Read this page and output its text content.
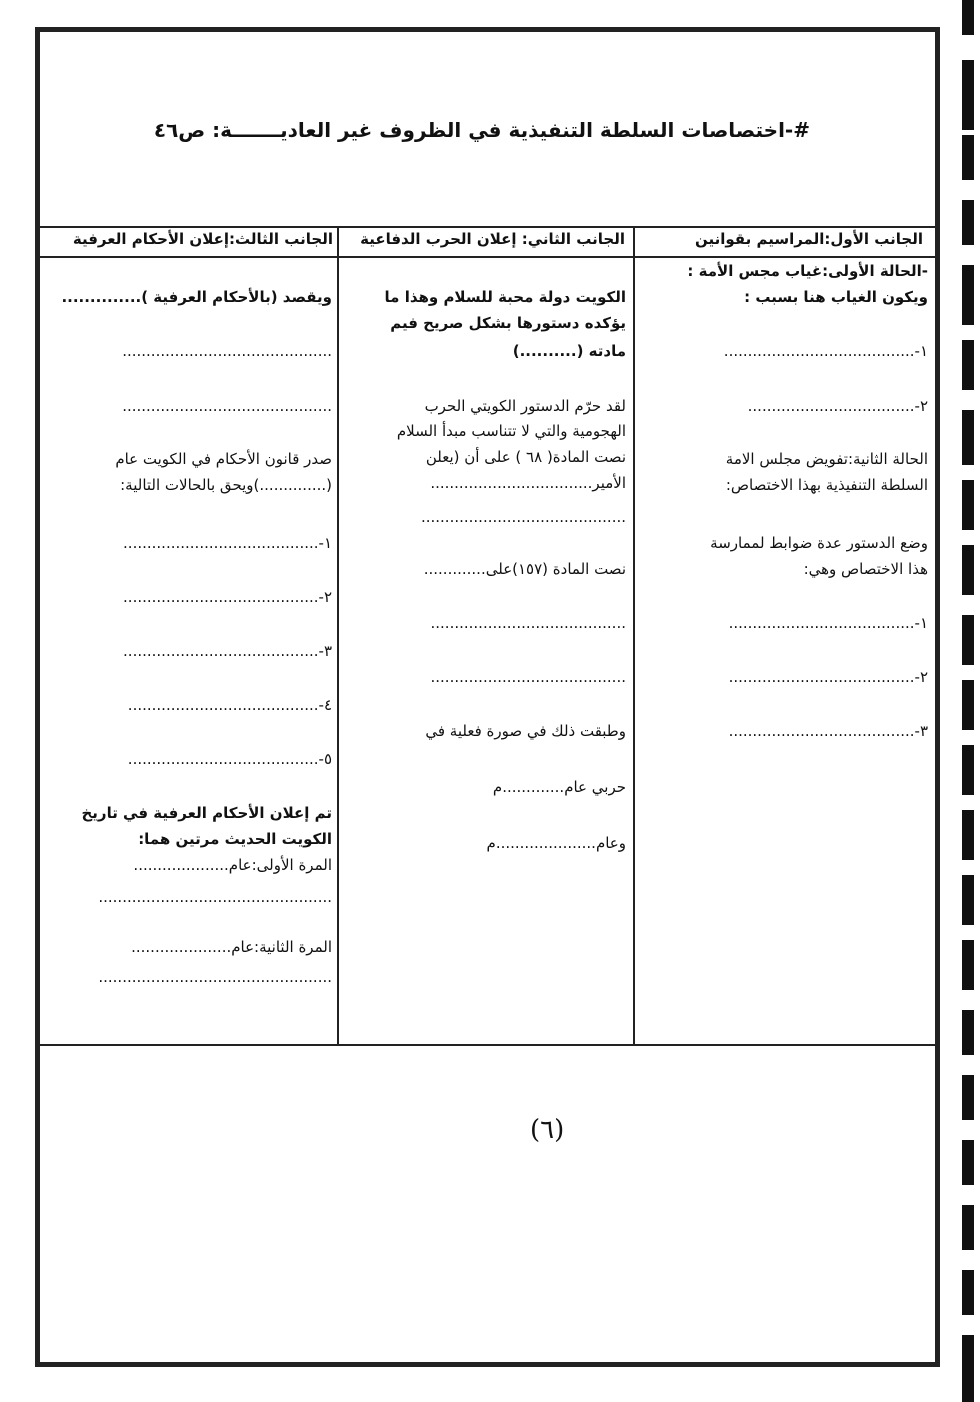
#-اختصاصات السلطة التنفيذية في الظروف غير العاديـــــــة: ص٤٦
الجانب الأول:المراسيم بقوانين
الجانب الثاني: إعلان الحرب الدفاعية
الجانب الثالث:إعلان الأحكام العرفية
-الحالة الأولى:غياب مجس الأمة :
ويكون الغياب هنا بسبب :
١-........................................
٢-...................................
الحالة الثانية:تفويض مجلس الامة
السلطة التنفيذية بهذا الاختصاص:
وضع الدستور عدة ضوابط لممارسة
هذا الاختصاص وهي:
١-.......................................
٢-.......................................
٣-.......................................
الكويت دولة محبة للسلام وهذا ما
يؤكده دستورها بشكل صريح فيم
مادته (..........)
لقد حرّم الدستور الكويتي الحرب
الهجومية والتي لا تتناسب مبدأ السلام
نصت المادة( ٦٨ ) على أن (يعلن
الأمير..................................
...........................................
نصت المادة (١٥٧)على.............
.........................................
.........................................
وطبقت ذلك في صورة فعلية في
حربي عام.............م
وعام.....................م
ويقصد (بالأحكام العرفية )..............
............................................
............................................
صدر قانون الأحكام في الكويت عام
(..............)ويحق بالحالات التالية:
١-.........................................
٢-.........................................
٣-.........................................
٤-........................................
٥-........................................
تم إعلان الأحكام العرفية في تاريخ
الكويت الحديث مرتين هما:
المرة الأولى:عام....................
.................................................
المرة الثانية:عام.....................
.................................................
(٦)
